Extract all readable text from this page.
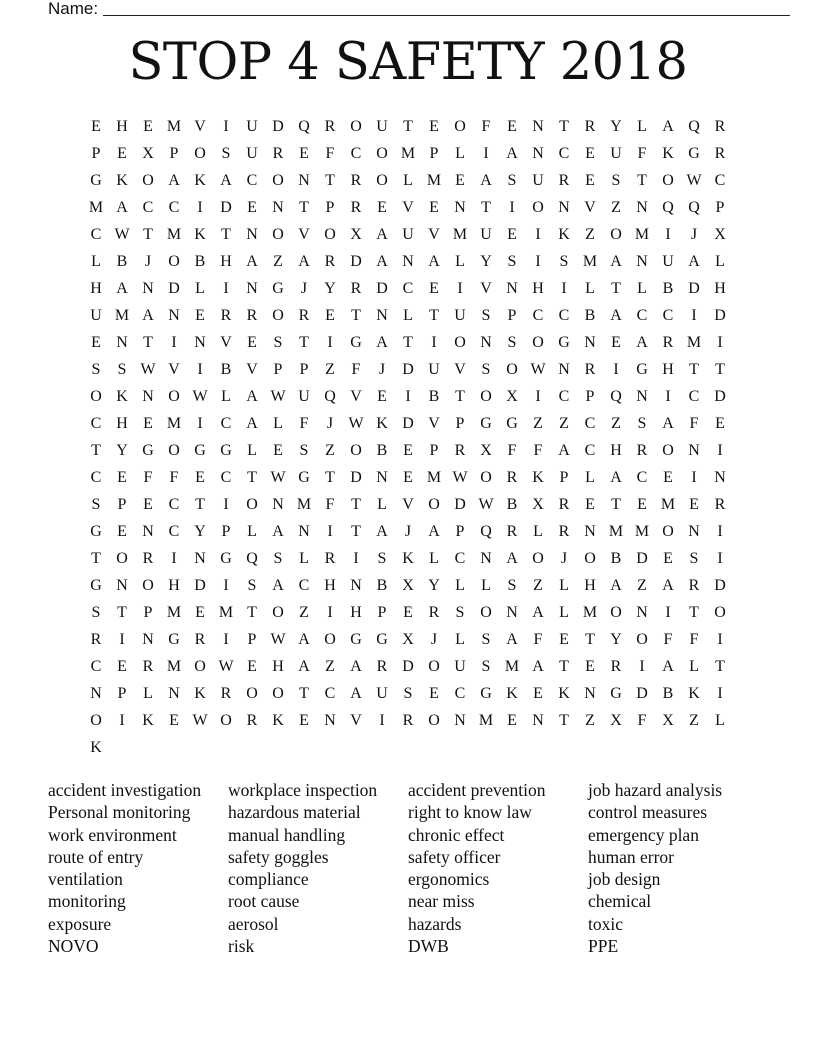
Name:
STOP 4 SAFETY 2018
E H E M V	I	U D Q R O U T	E O F	E N T R Y L A Q R
P	E X P O S U R E	F	C O M P	L	I	A N C E U F K G R
G K O A K A C O N T R O L M E A S U R E	S	T O W C
M A C C	I	D E N T	P	R E V E N T	I	O N V Z N Q Q P
C W T M K T N O V O X A U V M U E	I	K Z O M	I	J	X
L B	J	O B H A Z A R D A N A L Y S	I	S M A N U A L
H A N D L	I	N G	J	Y R D C E	I	V N H	I	L	T	L B D H
U M A N E R R O R E	T N L	T U S	P	C C B A C C	I	D
E N T	I	N V E	S	T	I	G A T	I	O N S O G N E A R M	I
S	S W V	I	B V P	P	Z	F	J	D U V S O W N R	I	G H T	T
O K N O W L A W U Q V E	I	B T O X	I	C	P Q N	I	C D
C H E M	I	C A L	F	J W K D V P G G Z	Z C Z	S A F	E
T Y G O G G L	E	S	Z O B E	P	R X F	F A C H R O N	I
C E	F	F	E C T W G T D N E M W O R K P	L A C E	I	N
S	P	E C T	I	O N M F	T	L V O D W B X R E	T	E M E R
G E N C Y P	L A N	I	T A	J	A P Q R L R N M M O N	I
T O R	I	N G Q S	L R	I	S K L C N A O	J	O B D E	S	I
G N O H D	I	S A C H N B X Y L	L	S	Z	L H A Z A R D
S	T	P M E M T O Z	I	H P	E R	S O N A L M O N	I	T O
R	I	N G R	I	P W A O G G X	J	L	S A F	E	T Y O F	F	I
C E R M O W E H A Z A R D O U S M A T	E R	I	A L	T
N P	L N K R O O T C A U S	E C G K E K N G D B K	I
O	I	K E W O R K E N V	I	R O N M E N T	Z X F X Z	L
K
accident investigation	workplace inspection	accident prevention	job hazard analysis
Personal monitoring	hazardous material	right to know law	control measures
work environment	manual handling	chronic effect	emergency plan
route of entry	safety goggles	safety officer	human error
ventilation	compliance	ergonomics	job design
monitoring	root cause	near miss	chemical
exposure	aerosol	hazards	toxic
NOVO	risk	DWB	PPE
